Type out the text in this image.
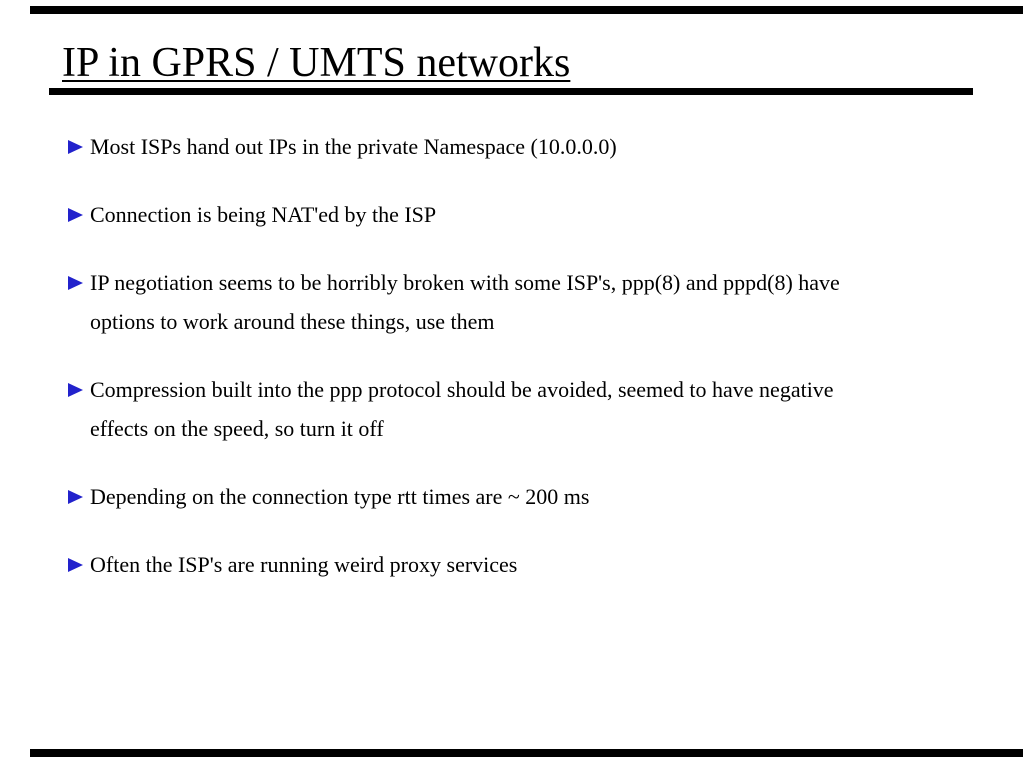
IP in GPRS / UMTS networks
Most ISPs hand out IPs in the private Namespace (10.0.0.0)
Connection is being NAT'ed by the ISP
IP negotiation seems to be horribly broken with some ISP's, ppp(8) and pppd(8) have
options to work around these things, use them
Compression built into the ppp protocol should be avoided, seemed to have negative
effects on the speed, so turn it off
Depending on the connection type rtt times are ~ 200 ms
Often the ISP's are running weird proxy services
